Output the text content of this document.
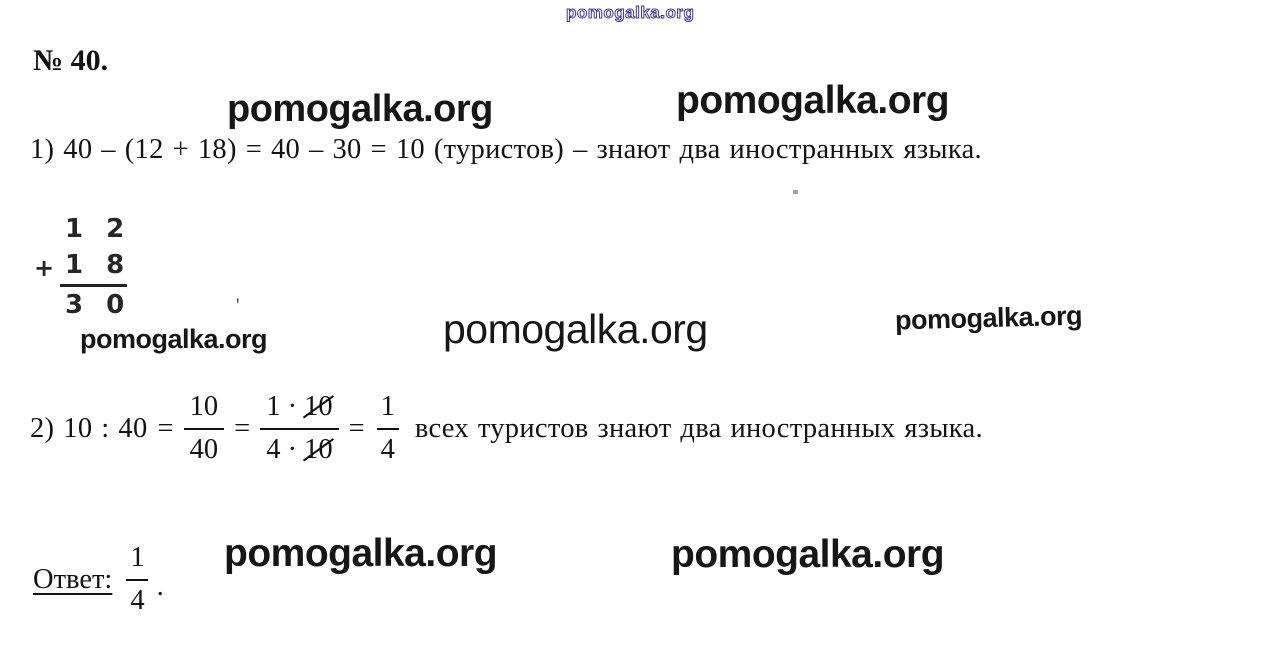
pomogalka.org
№ 40.
pomogalka.org	pomogalka.org
1) 40 – (12 + 18) = 40 – 30 = 10 (туристов) – знают два иностранных языка.
+
1 2
1 8
3 0	'
pomogalka.org	pomogalka.org	pomogalka.org
2) 10 : $40 = \frac{10}{40} = \frac{1 \cdot 10}{4 \cdot 10} = \frac{1}{4}$ всех туристов знают два иностранных языка.
Ответ: $\frac{1}{4}$ .
pomogalka.org	pomogalka.org
